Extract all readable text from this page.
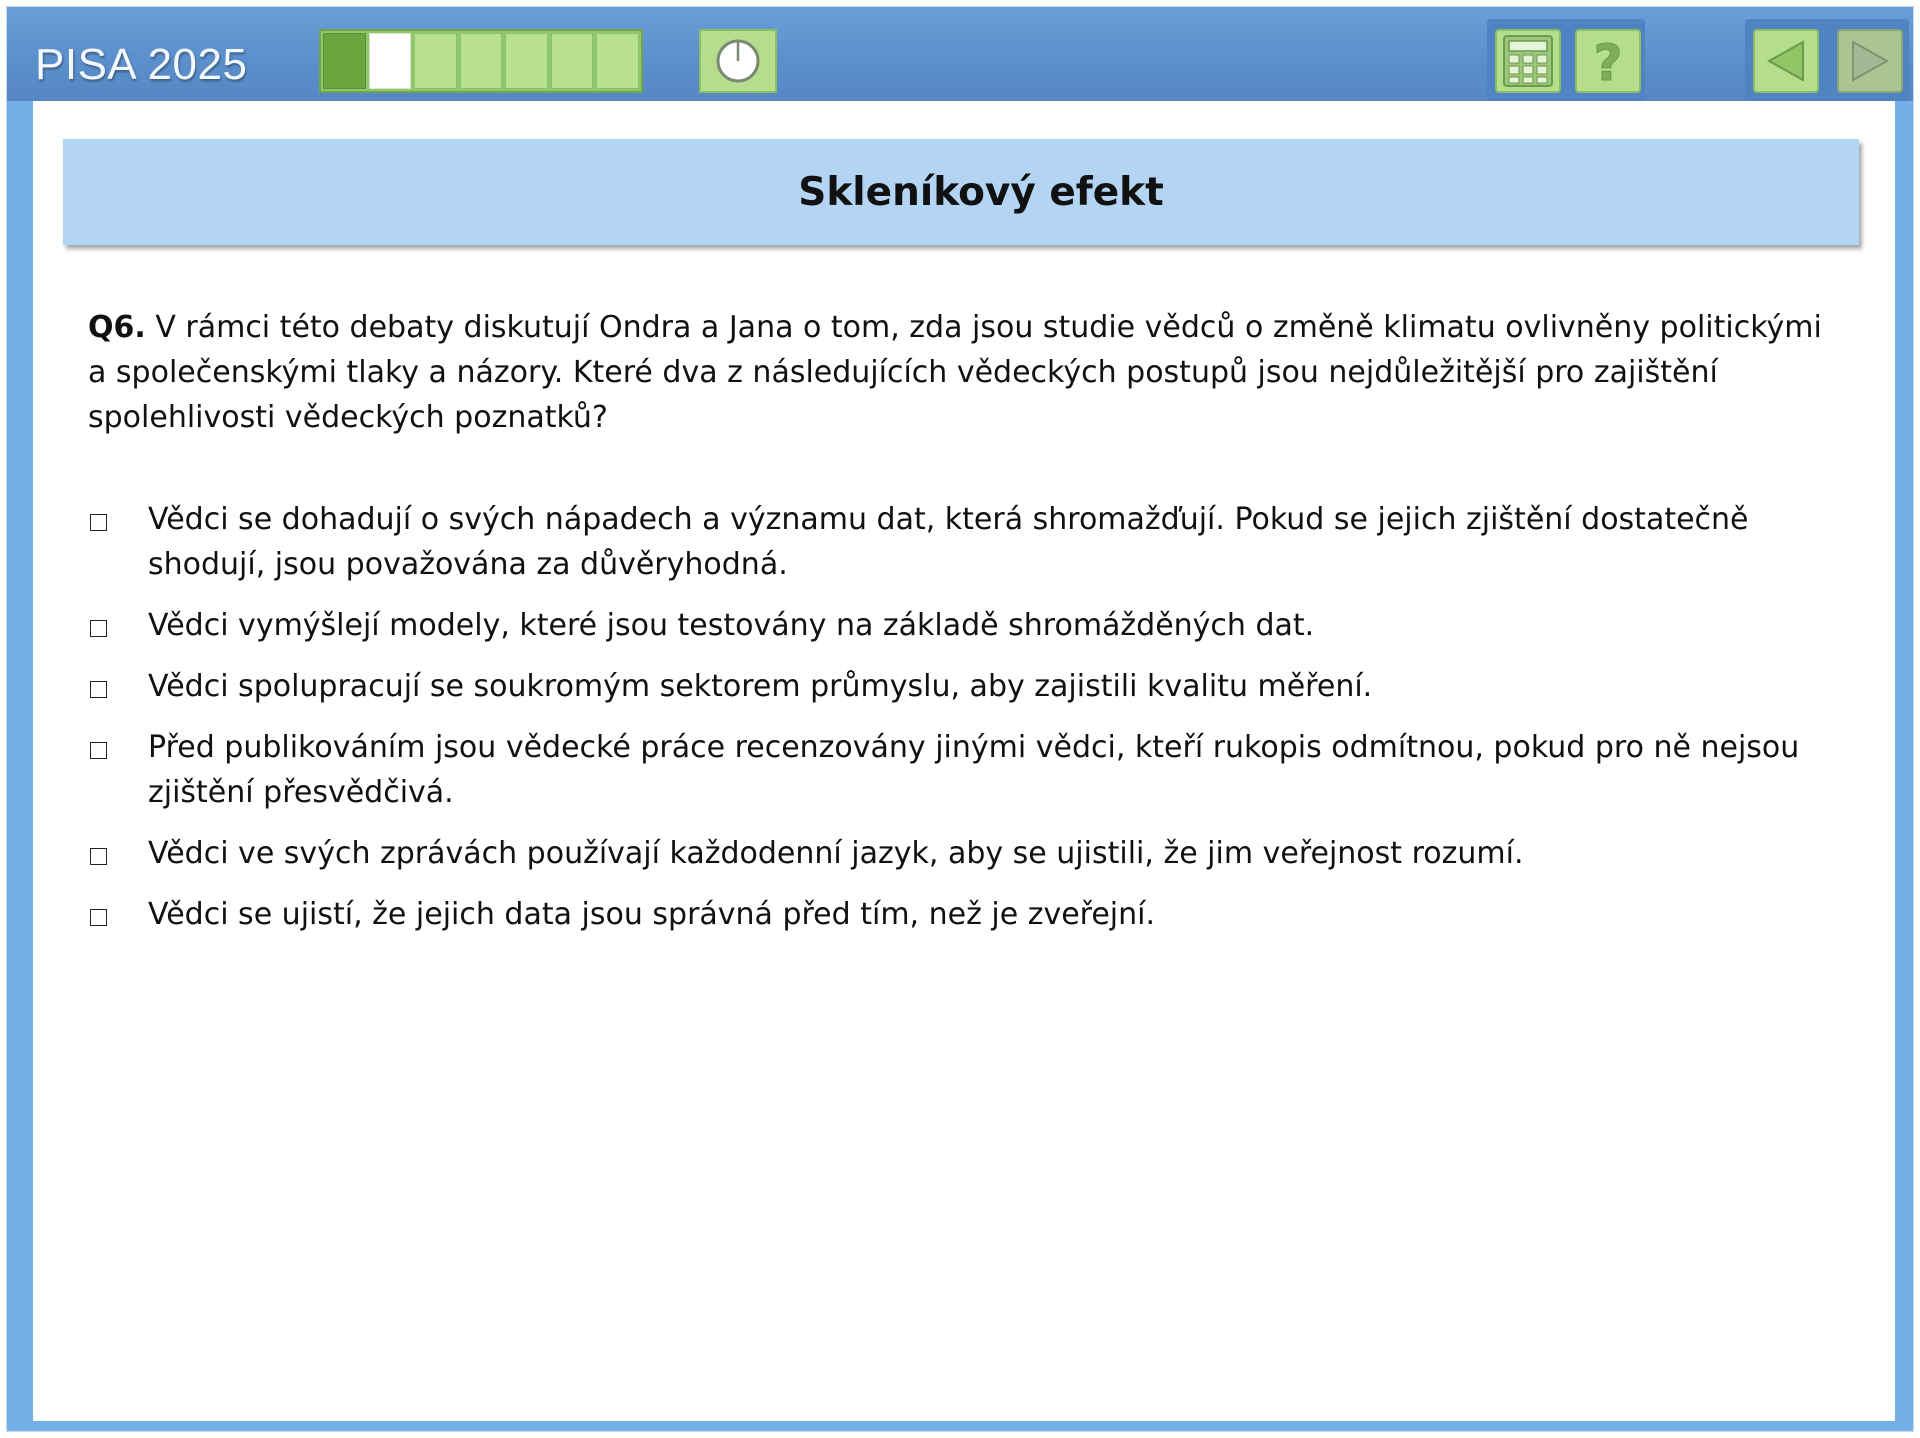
PISA 2025	?
Skleníkový efekt
Q6. V rámci této debaty diskutují Ondra a Jana o tom, zda jsou studie vědců o změně klimatu ovlivněny politickými a společenskými tlaky a názory. Které dva z následujících vědeckých postupů jsou nejdůležitější pro zajištění spolehlivosti vědeckých poznatků?
Vědci se dohadují o svých nápadech a významu dat, která shromažďují. Pokud se jejich zjištění dostatečně shodují, jsou považována za důvěryhodná.
Vědci vymýšlejí modely, které jsou testovány na základě shromážděných dat.
Vědci spolupracují se soukromým sektorem průmyslu, aby zajistili kvalitu měření.
Před publikováním jsou vědecké práce recenzovány jinými vědci, kteří rukopis odmítnou, pokud pro ně nejsou zjištění přesvědčivá.
Vědci ve svých zprávách používají každodenní jazyk, aby se ujistili, že jim veřejnost rozumí.
Vědci se ujistí, že jejich data jsou správná před tím, než je zveřejní.
